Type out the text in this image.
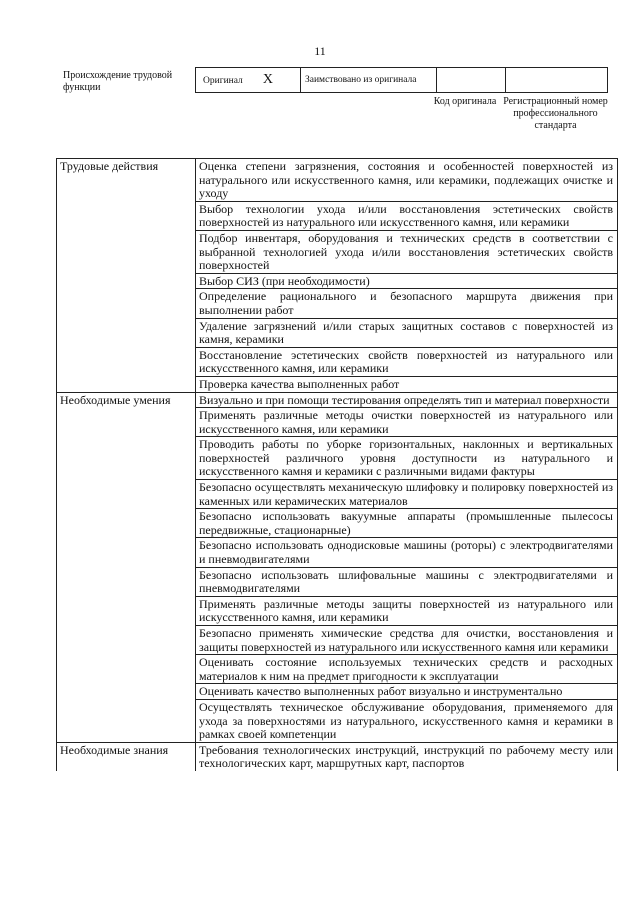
11
Происхождение трудовой функции
Оригинал X	Заимствовано из оригинала		
Код оригинала Регистрационный номер профессионального стандарта
Трудовые действия	Оценка степени загрязнения, состояния и особенностей поверхностей из натурального или искусственного камня, или керамики, подлежащих очистке и уходу
	Выбор технологии ухода и/или восстановления эстетических свойств поверхностей из натурального или искусственного камня, или керамики
	Подбор инвентаря, оборудования и технических средств в соответствии с выбранной технологией ухода и/или восстановления эстетических свойств поверхностей
	Выбор СИЗ (при необходимости)
	Определение рационального и безопасного маршрута движения при выполнении работ
	Удаление загрязнений и/или старых защитных составов с поверхностей из камня, керамики
	Восстановление эстетических свойств поверхностей из натурального или искусственного камня, или керамики
	Проверка качества выполненных работ
Необходимые умения	Визуально и при помощи тестирования определять тип и материал поверхности
	Применять различные методы очистки поверхностей из натурального или искусственного камня, или керамики
	Проводить работы по уборке горизонтальных, наклонных и вертикальных поверхностей различного уровня доступности из натурального и искусственного камня и керамики с различными видами фактуры
	Безопасно осуществлять механическую шлифовку и полировку поверхностей из каменных или керамических материалов
	Безопасно использовать вакуумные аппараты (промышленные пылесосы передвижные, стационарные)
	Безопасно использовать однодисковые машины (роторы) с электродвигателями и пневмодвигателями
	Безопасно использовать шлифовальные машины с электродвигателями и пневмодвигателями
	Применять различные методы защиты поверхностей из натурального или искусственного камня, или керамики
	Безопасно применять химические средства для очистки, восстановления и защиты поверхностей из натурального или искусственного камня или керамики
	Оценивать состояние используемых технических средств и расходных материалов к ним на предмет пригодности к эксплуатации
	Оценивать качество выполненных работ визуально и инструментально
	Осуществлять техническое обслуживание оборудования, применяемого для ухода за поверхностями из натурального, искусственного камня и керамики в рамках своей компетенции
Необходимые знания	Требования технологических инструкций, инструкций по рабочему месту или технологических карт, маршрутных карт, паспортов
